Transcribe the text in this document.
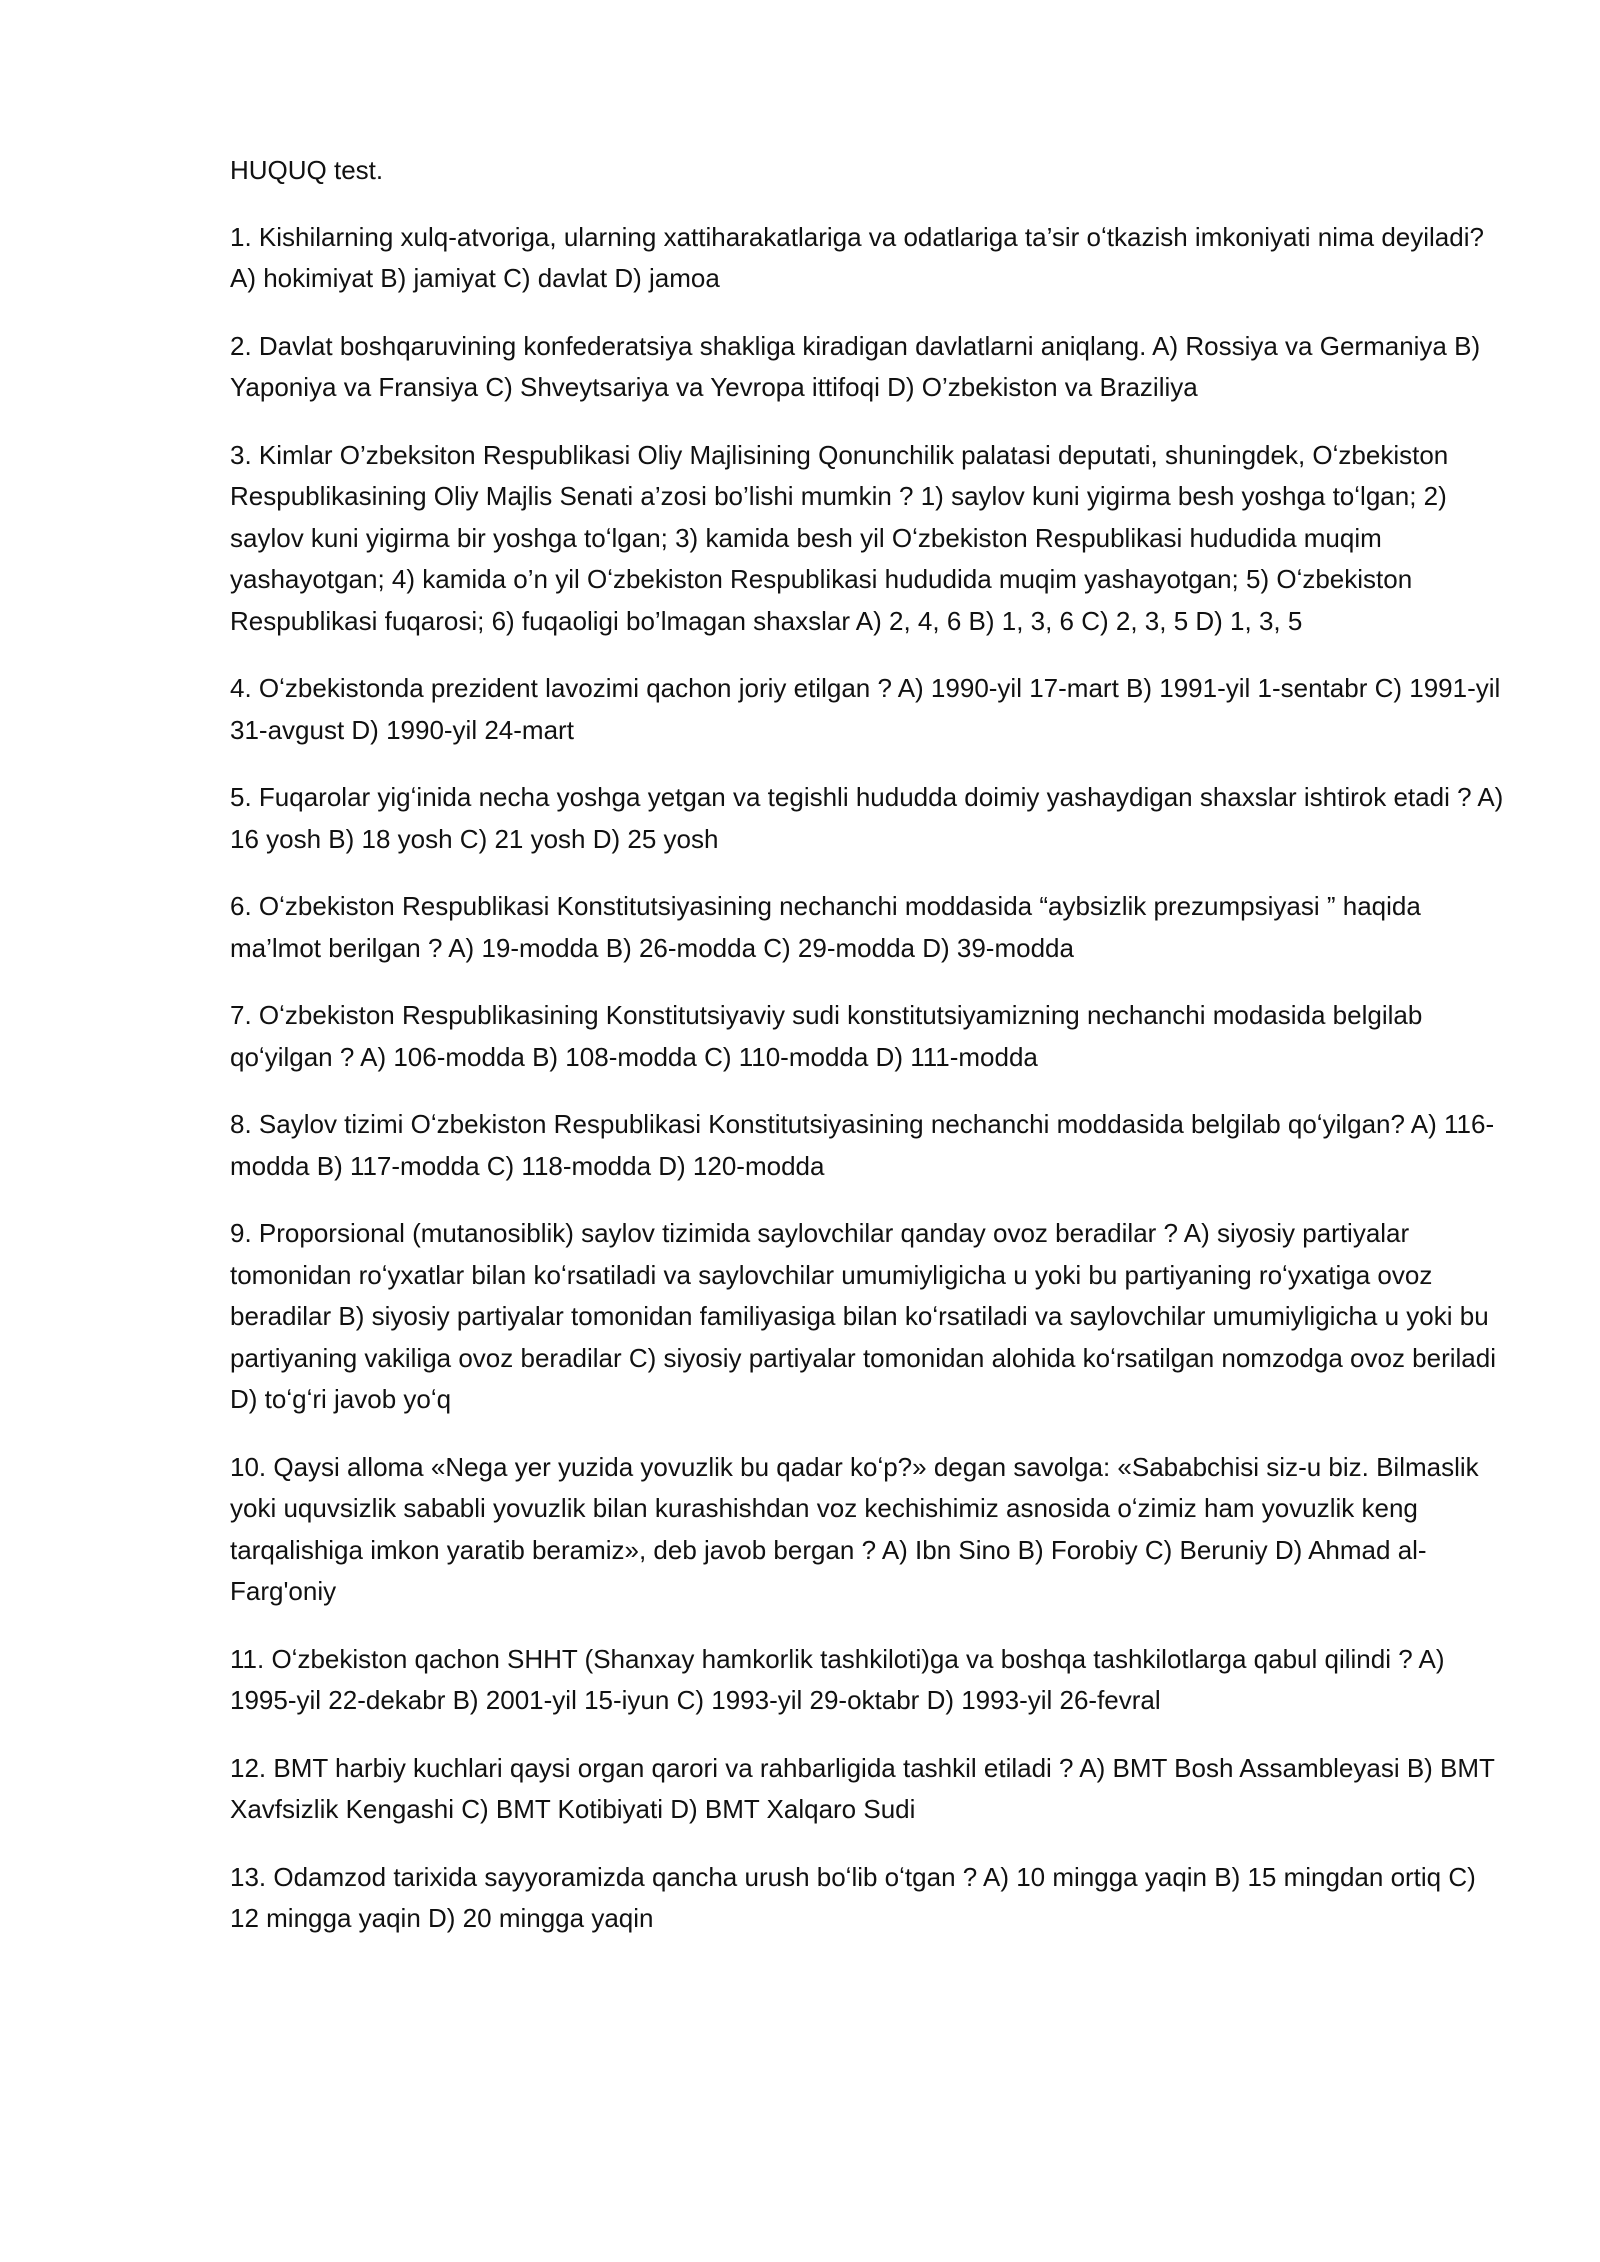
HUQUQ test.

1. Kishilarning xulq-atvoriga, ularning xattiharakatlariga va odatlariga ta’sir oʻtkazish imkoniyati nima deyiladi? A) hokimiyat B) jamiyat C) davlat D) jamoa

2. Davlat boshqaruvining konfederatsiya shakliga kiradigan davlatlarni aniqlang. A) Rossiya va Germaniya B) Yaponiya va Fransiya C) Shveytsariya va Yevropa ittifoqi D) O’zbekiston va Braziliya

3. Kimlar O’zbeksiton Respublikasi Oliy Majlisining Qonunchilik palatasi deputati, shuningdek, Oʻzbekiston Respublikasining Oliy Majlis Senati a’zosi bo’lishi mumkin ? 1) saylov kuni yigirma besh yoshga toʻlgan; 2) saylov kuni yigirma bir yoshga toʻlgan; 3) kamida besh yil Oʻzbekiston Respublikasi hududida muqim yashayotgan; 4) kamida o’n yil Oʻzbekiston Respublikasi hududida muqim yashayotgan; 5) Oʻzbekiston Respublikasi fuqarosi; 6) fuqaoligi bo’lmagan shaxslar A) 2, 4, 6 B) 1, 3, 6 C) 2, 3, 5 D) 1, 3, 5

4. Oʻzbekistonda prezident lavozimi qachon joriy etilgan ? A) 1990-yil 17-mart B) 1991-yil 1-sentabr C) 1991-yil 31-avgust D) 1990-yil 24-mart

5. Fuqarolar yigʻinida necha yoshga yetgan va tegishli hududda doimiy yashaydigan shaxslar ishtirok etadi ? A) 16 yosh B) 18 yosh C) 21 yosh D) 25 yosh

6. Oʻzbekiston Respublikasi Konstitutsiyasining nechanchi moddasida “aybsizlik prezumpsiyasi ” haqida ma’lmot berilgan ? A) 19-modda B) 26-modda C) 29-modda D) 39-modda

7. Oʻzbekiston Respublikasining Konstitutsiyaviy sudi konstitutsiyamizning nechanchi modasida belgilab qoʻyilgan ? A) 106-modda B) 108-modda C) 110-modda D) 111-modda

8. Saylov tizimi Oʻzbekiston Respublikasi Konstitutsiyasining nechanchi moddasida belgilab qoʻyilgan? A) 116-modda B) 117-modda C) 118-modda D) 120-modda

9. Proporsional (mutanosiblik) saylov tizimida saylovchilar qanday ovoz beradilar ? A) siyosiy partiyalar tomonidan roʻyxatlar bilan koʻrsatiladi va saylovchilar umumiyligicha u yoki bu partiyaning roʻyxatiga ovoz beradilar B) siyosiy partiyalar tomonidan familiyasiga bilan koʻrsatiladi va saylovchilar umumiyligicha u yoki bu partiyaning vakiliga ovoz beradilar C) siyosiy partiyalar tomonidan alohida koʻrsatilgan nomzodga ovoz beriladi D) toʻgʻri javob yoʻq

10. Qaysi alloma «Nega yer yuzida yovuzlik bu qadar koʻp?» degan savolga: «Sababchisi siz-u biz. Bilmaslik yoki uquvsizlik sababli yovuzlik bilan kurashishdan voz kechishimiz asnosida oʻzimiz ham yovuzlik keng tarqalishiga imkon yaratib beramiz», deb javob bergan ? A) Ibn Sino B) Forobiy C) Beruniy D) Ahmad al-Farg'oniy

11. Oʻzbekiston qachon SHHT (Shanxay hamkorlik tashkiloti)ga va boshqa tashkilotlarga qabul qilindi ? A) 1995-yil 22-dekabr B) 2001-yil 15-iyun C) 1993-yil 29-oktabr D) 1993-yil 26-fevral

12. BMT harbiy kuchlari qaysi organ qarori va rahbarligida tashkil etiladi ? A) BMT Bosh Assambleyasi B) BMT Xavfsizlik Kengashi C) BMT Kotibiyati D) BMT Xalqaro Sudi

13. Odamzod tarixida sayyoramizda qancha urush boʻlib oʻtgan ? A) 10 mingga yaqin B) 15 mingdan ortiq C) 12 mingga yaqin D) 20 mingga yaqin
